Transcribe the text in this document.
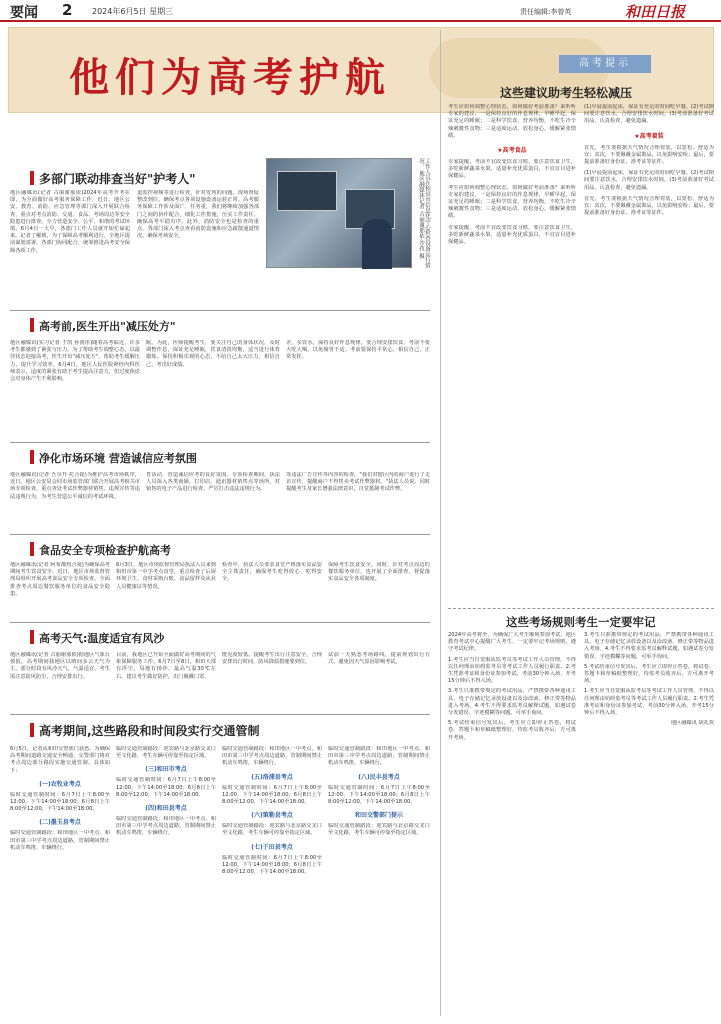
要闻 2 2024年6月5日 星期三	责任编辑:李曾英	和田日报
他们为高考护航	高考提示
多部门联动排查当好"护考人"
地区融媒讯(记者 古丽谢那依)2024年高考开考在即，为全面做好高考服务保障工作，近日，地区公安、教育、消防、应急管理等部门深入开展联合检查，重点对考点消防、交通、食品、考场周边等安全隐患进行排查，全力营造安全、公平、和谐的考试环境。6月4日一大早，各部门工作人员就开始忙碌起来。记者了解到，为了保障高考顺利进行，全地区提前谋划部署，各部门协同配合，统筹推进高考安全保障各项工作。
道监控视频等进行检查。针对发现的问题，现场督促整改到位，确保考点各项设施设备运转正常。高考服务保障工作涉及面广、任务重，我们将继续加强各部门之间的协作配合，细化工作措施，压实工作责任，确保高考平稳有序。此外，消防安全也是检查的重点，各部门深入考点查看消防设施和应急疏散通道情况，确保考场安全。	工作人员在和田市信息化中心检查设备运行情况。 地区融媒体记者 古丽谢那依·沙孜 摄
高考前,医生开出"减压处方"
地区融媒讯(实习记者 于凯 孙雨彤)随着高考临近，许多考生都感到了紧张与压力。为了帮助考生调整心态，以最佳状态迎接高考，医生开出"减压处方"，帮助考生缓解压力，提升学习效率。6月4日，地区人民医院神经内科医师表示，适度的紧张有助于考生提高注意力，但过度焦虑会对身体产生不利影响。
眠。为此，医师提醒考生，要关注自己的身体状况，及时调整作息，保证充足睡眠，饮食清淡均衡，适当进行体育锻炼。保持积极乐观的心态，不给自己太大压力，相信自己，考出好成绩。
差，多饮水，保持良好作息规律。要合理安排饮食，考前不要大吃大喝，以免肠胃不适。考前要保持平常心，相信自己，正常发挥。
净化市场环境 营造诚信应考氛围
地区融媒讯(记者 吾尔开·托合提)为维护高考市场秩序，近日，地区公安局会同市场监管部门联合开展高考相关市场专项检查，重点查处考试作弊器材销售、违规宣传等违法违规行为，为考生营造公平诚信的考试环境。
育活动，营造诚信应考的良好氛围。专项检查期间，执法人员深入各类商铺、打印店、通讯器材销售点等场所，对销售的电子产品进行检查，严厉打击违法违规行为。
等违法广告宣传等内容的检查。"我们对辖区内的商户进行了走访宣传，提醒商户不得售卖考试作弊器材。"执法人员说。同时提醒考生及家长增强法律意识，自觉抵制考试作弊。
食品安全专项检查护航高考
地区融媒讯(记者 阿布都热合曼)为确保高考期间考生饮食安全，近日，地区市场监督管理局组织开展高考食品安全专项检查，全面排查考点周边餐饮服务单位的食品安全隐患。
6月3日，地区市场监督管理局执法人员来到和田市第一中学考点食堂，重点检查了后厨环境卫生、食材采购台账、食品留样及从业人员健康证等情况。
检查中，执法人员要求食堂严格落实食品安全主体责任，确保考生吃得放心、吃得安全。
保障考生饮食安全。同时，针对考点周边的餐饮服务单位，也开展了全面排查，督促落实食品安全各项制度。
高考天气:温度适宜有风沙
地区融媒讯(记者 古丽谢那依)据地区气象台预报，高考期间我地区以晴间多云天气为主，部分时段有风沙天气，气温适宜，考生需注意防风防尘，合理安排出行。
目前，我地区已开始全面做好高考期间的气象保障服务工作。6月7日至8日，和田大部有浮尘，局地有扬沙，最高气温30℃左右。建议考生做好防护，出门佩戴口罩。
能见度较低。提醒考生出行注意安全，合理安排出行时间，防风降温措施要到位。
试前一天熟悉考场路线，提前规划出行方式，避免因天气原因影响考试。
高考期间,这些路段和时间段实行交通管制
6月5日，记者从和田交警部门获悉，为确保高考期间道路交通安全畅通，交警部门将对考点周边部分路段实施交通管制。具体如下：
(一)农牧业考点
临时交通管制时间：6月7日上午8:00至12:00，下午14:00至18:00；6月8日上午8:00至12:00，下午14:00至18:00。
(二)墨玉县考点
临时交通管制路段：和田地区一中考点、和田市第三中学考点周边道路，管制期间禁止机动车鸣笛，车辆绕行。
临时交通管制路段：迎宾路与北京路交叉口至文化路，考生车辆可停靠至指定区域。
(三)和田市考点
临时交通管制时间：6月7日上午8:00至12:00，下午14:00至18:00；6月8日上午8:00至12:00，下午14:00至18:00。
(四)和田县考点
临时交通管制路段：和田地区一中考点、和田市第三中学考点周边道路，管制期间禁止机动车鸣笛，车辆绕行。
临时交通管制路段：和田地区一中考点、和田市第三中学考点周边道路，管制期间禁止机动车鸣笛，车辆绕行。
(五)洛浦县考点
临时交通管制时间：6月7日上午8:00至12:00，下午14:00至18:00；6月8日上午8:00至12:00，下午14:00至18:00。
(六)策勒县考点
临时交通管制路段：迎宾路与北京路交叉口至文化路，考生车辆可停靠至指定区域。
(七)于田县考点
临时交通管制时间：6月7日上午8:00至12:00，下午14:00至18:00；6月8日上午8:00至12:00，下午14:00至18:00。
临时交通管制路段：和田地区一中考点、和田市第三中学考点周边道路，管制期间禁止机动车鸣笛，车辆绕行。
(八)民丰县考点
临时交通管制时间：6月7日上午8:00至12:00，下午14:00至18:00；6月8日上午8:00至12:00，下午14:00至18:00。
和田交警部门提示
临时交通管制路段：迎宾路与北京路交叉口至文化路，考生车辆可停靠至指定区域。
这些建议助考生轻松减压
考生应如何调整心理状态，如何做好考前准备？来听听专家的建议。一是保持良好的作息规律，早睡早起，保证充足的睡眠；二是科学饮食，营养均衡，不吃生冷辛辣刺激性食物；三是适度运动，放松身心，缓解紧张情绪。
★高考食品
专家提醒，考前不宜改变饮食习惯，要注意饮食卫生，多吃新鲜蔬菜水果，适量补充优质蛋白，不宜盲目进补保健品。
考生应如何调整心理状态，如何做好考前准备？来听听专家的建议。一是保持良好的作息规律，早睡早起，保证充足的睡眠；二是科学饮食，营养均衡，不吃生冷辛辣刺激性食物；三是适度运动，放松身心，缓解紧张情绪。
专家提醒，考前不宜改变饮食习惯，要注意饮食卫生，多吃新鲜蔬菜水果，适量补充优质蛋白，不宜盲目进补保健品。
(1)早晨提前起床，保证有充足的时间吃早餐。(2)考试期间要注意饮水，合理安排饮水时间。(3)考前准备好考试用品，认真检查，避免遗漏。
★高考着装
首先，考生要根据天气情况合理着装，以宽松、舒适为宜；其次，不要佩戴金属饰品，以免影响安检；最后，要提前准备好身份证、准考证等证件。
(1)早晨提前起床，保证有充足的时间吃早餐。(2)考试期间要注意饮水，合理安排饮水时间。(3)考前准备好考试用品，认真检查，避免遗漏。
首先，考生要根据天气情况合理着装，以宽松、舒适为宜；其次，不要佩戴金属饰品，以免影响安检；最后，要提前准备好身份证、准考证等证件。
这些考场规则考生一定要牢记
2024年高考将至，为确保广大考生顺利参加考试，地区教育考试中心提醒广大考生，一定要牢记考场规则，遵守考试纪律。
1.考生应当自觉服从监考员等考试工作人员管理，不得以任何理由妨碍监考员等考试工作人员履行职责。2.考生凭准考证和身份证参加考试，考前30分钟入场，开考15分钟后不得入场。
3.考生只准携带规定的考试用品，严禁携带各种通讯工具、电子存储记忆录放设备以及涂改液、修正带等物品进入考场。4.考生不得要求监考员解释试题，如遇试卷分发错误、字迹模糊等问题，可举手询问。
5.考试结束信号发出后，考生应立即停止答卷，将试卷、答题卡和草稿纸整理好，待监考员收齐后，方可离开考场。
3.考生只准携带规定的考试用品，严禁携带各种通讯工具、电子存储记忆录放设备以及涂改液、修正带等物品进入考场。4.考生不得要求监考员解释试题，如遇试卷分发错误、字迹模糊等问题，可举手询问。
5.考试结束信号发出后，考生应立即停止答卷，将试卷、答题卡和草稿纸整理好，待监考员收齐后，方可离开考场。
1.考生应当自觉服从监考员等考试工作人员管理，不得以任何理由妨碍监考员等考试工作人员履行职责。2.考生凭准考证和身份证参加考试，考前30分钟入场，开考15分钟后不得入场。
地区融媒讯 胡礼欢
